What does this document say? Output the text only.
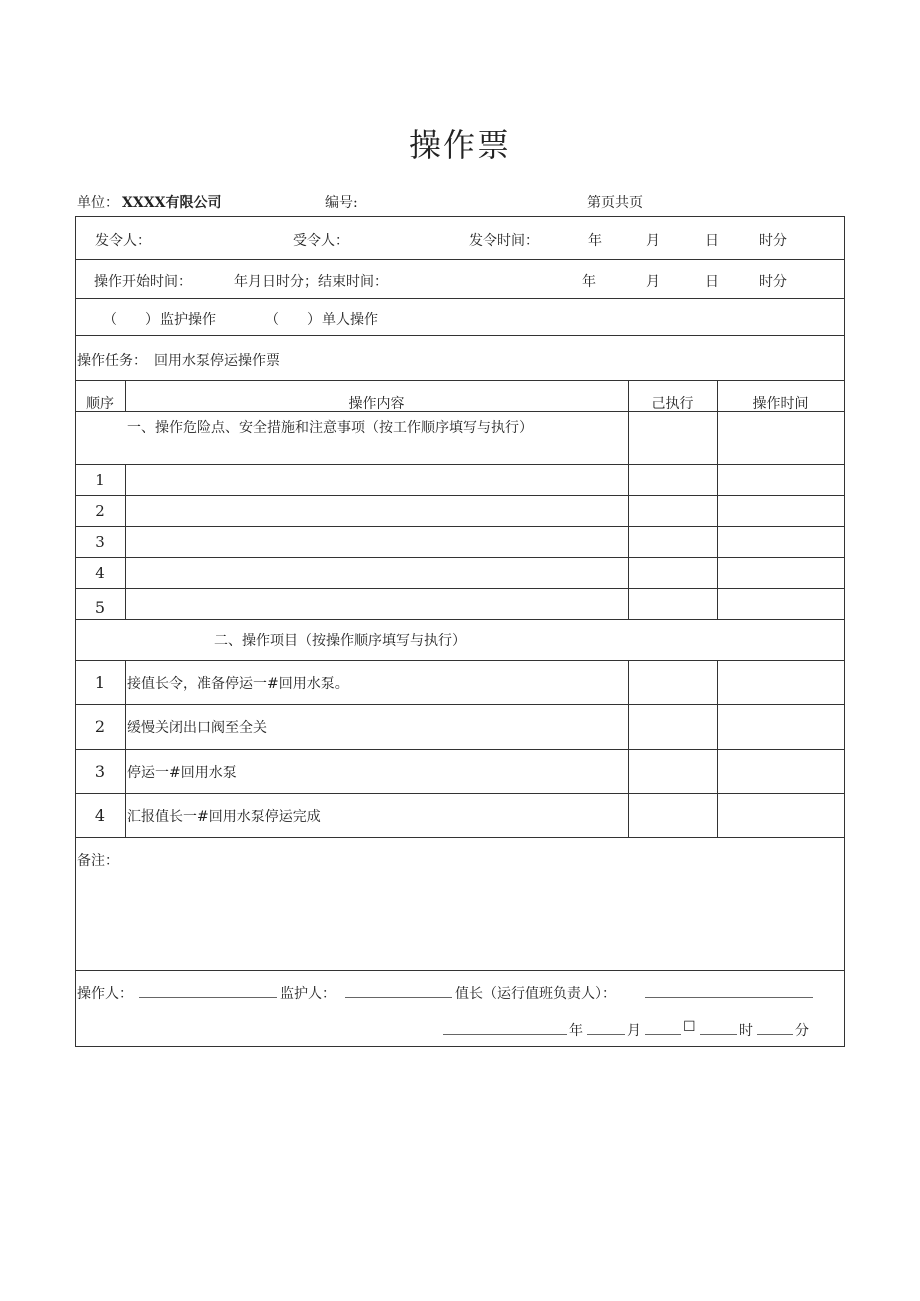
操作票
单位： XXXX有限公司	编号:	第页共页
发令人：	受令人：	发令时间：	年	月	日	时分
操作开始时间：	年月日时分；结束时间：	年	月	日	时分
（　　） 监护操作	（　　） 单人操作
操作任务： 回用水泵停运操作票
顺序	操作内容	己执行	操作时间
一、操作危险点、安全措施和注意事项（按工作顺序填写与执行）
1
2
3
4
5
二、操作项目（按操作顺序填写与执行）
1	接值长令，准备停运一#回用水泵。
2	缓慢关闭出口阀至全关
3	停运一#回用水泵
4	汇报值长一#回用水泵停运完成
备注：
操作人：	监护人：	值长（运行值班负责人）：
年	月	☐	时	分
